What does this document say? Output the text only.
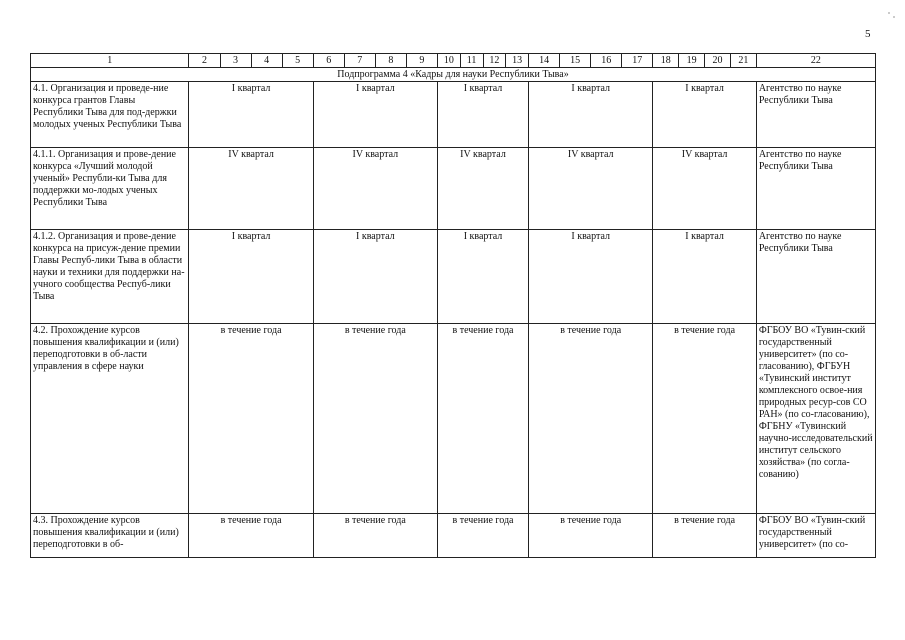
5
1	2	3	4	5	6	7	8	9	10	11	12	13	14	15	16	17	18	19	20	21	22
Подпрограмма 4 «Кадры для науки Республики Тыва»																					
4.1. Организация и проведе-ние конкурса грантов Главы Республики Тыва для под-держки молодых ученых Республики Тыва	I квартал				I квартал				I квартал				I квартал				I квартал				Агентство по науке Республики Тыва
4.1.1. Организация и прове-дение конкурса «Лучший молодой ученый» Республи-ки Тыва для поддержки мо-лодых ученых Республики Тыва	IV квартал				IV квартал				IV квартал				IV квартал				IV квартал				Агентство по науке Республики Тыва
4.1.2. Организация и прове-дение конкурса на присуж-дение премии Главы Респуб-лики Тыва в области науки и техники для поддержки на-учного сообщества Респуб-лики Тыва	I квартал				I квартал				I квартал				I квартал				I квартал				Агентство по науке Республики Тыва
4.2. Прохождение курсов повышения квалификации и (или) переподготовки в об-ласти управления в сфере науки	в течение года				в течение года				в течение года				в течение года				в течение года				ФГБОУ ВО «Тувин-ский государственный университет» (по со-гласованию), ФГБУН «Тувинский институт комплексного освое-ния природных ресур-сов СО РАН» (по со-гласованию), ФГБНУ «Тувинский научно-исследовательский институт сельского хозяйства» (по согла-сованию)
4.3. Прохождение курсов повышения квалификации и (или) переподготовки в об-	в течение года				в течение года				в течение года				в течение года				в течение года				ФГБОУ ВО «Тувин-ский государственный университет» (по со-
